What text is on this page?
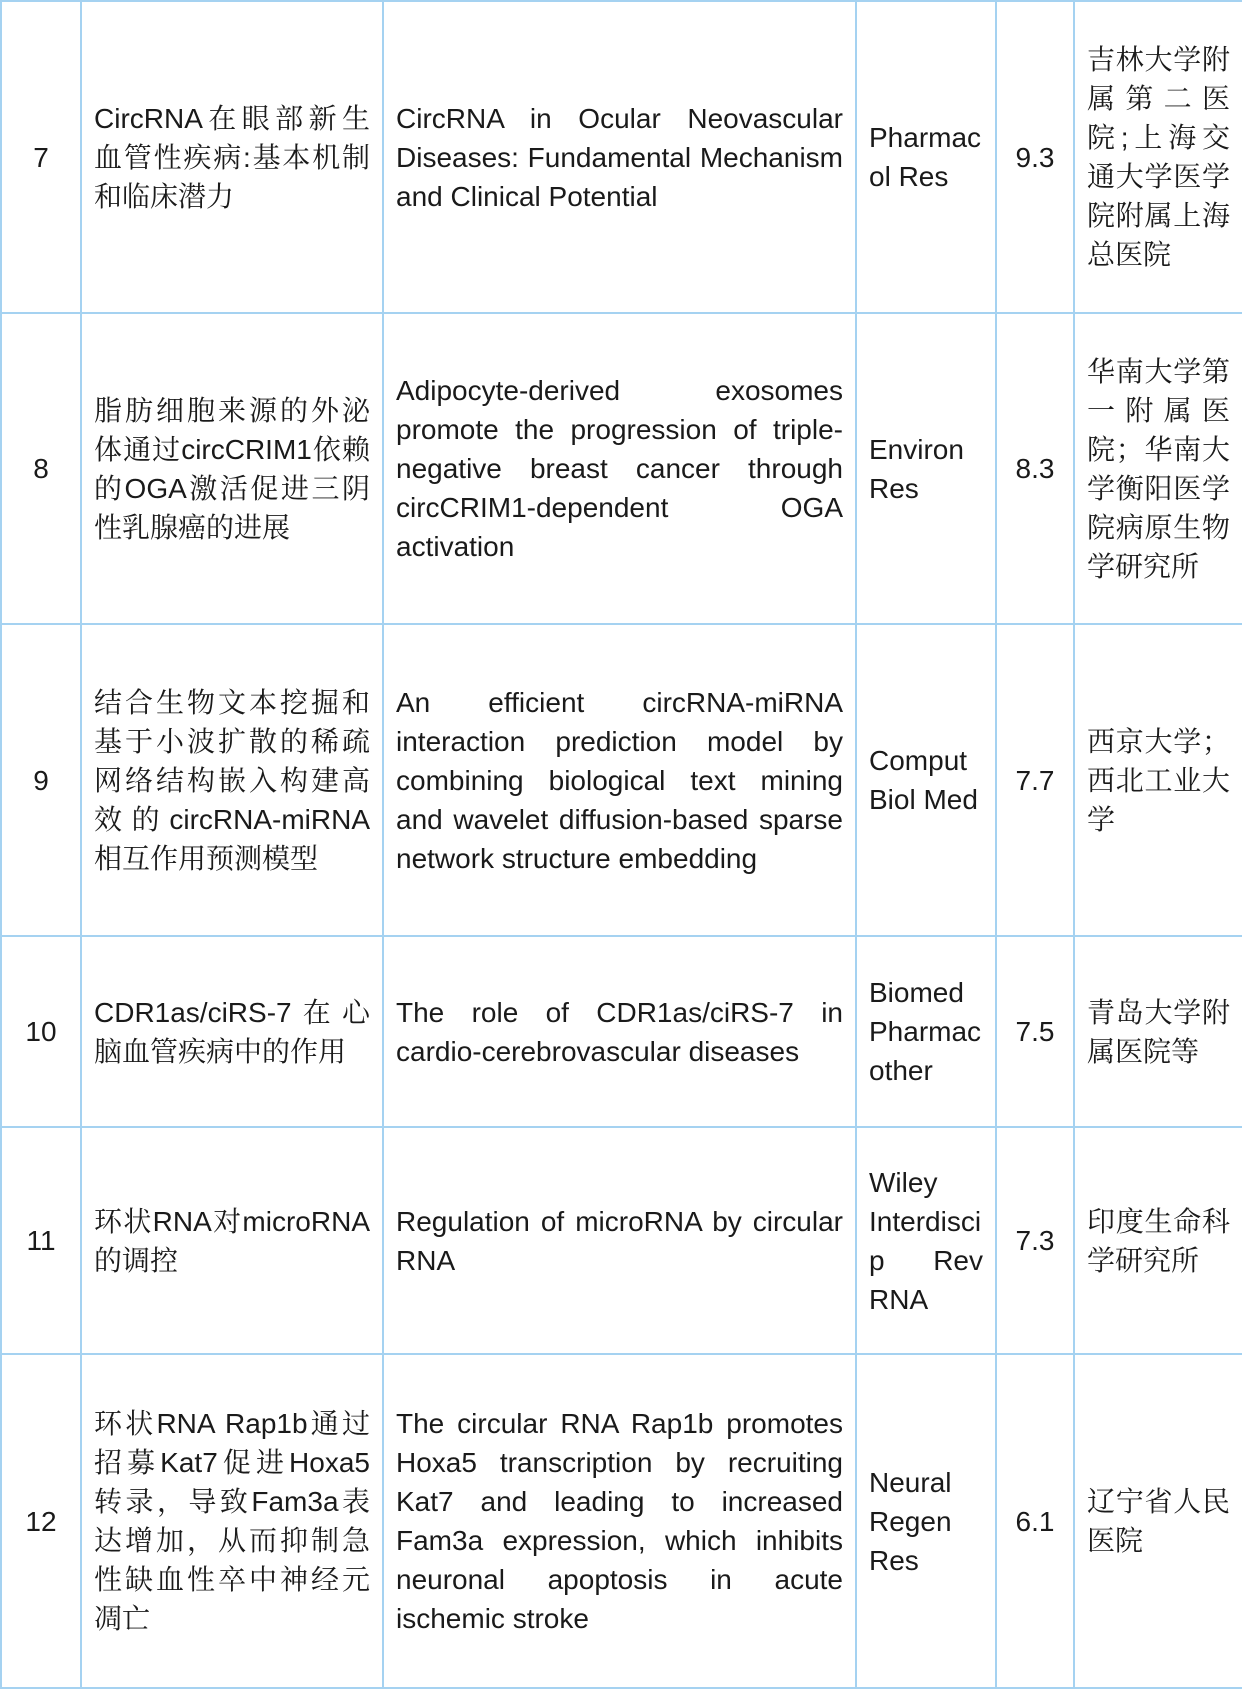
7	CircRNA在眼部新生血管性疾病:基本机制和临床潜力	CircRNA in Ocular Neovascular Diseases: Fundamental Mechanism and Clinical Potential	Pharmacol Res	9.3	吉林大学附属第二医院;上海交通大学医学院附属上海总医院
8	脂肪细胞来源的外泌体通过circCRIM1依赖的OGA激活促进三阴性乳腺癌的进展	Adipocyte-derived exosomes promote the progression of triple-negative breast cancer through circCRIM1-dependent OGA activation	Environ Res	8.3	华南大学第一附属医院；华南大学衡阳医学院病原生物学研究所
9	结合生物文本挖掘和基于小波扩散的稀疏网络结构嵌入构建高效的circRNA-miRNA相互作用预测模型	An efficient circRNA-miRNA interaction prediction model by combining biological text mining and wavelet diffusion-based sparse network structure embedding	Comput Biol Med	7.7	西京大学；西北工业大学
10	CDR1as/ciRS-7在心脑血管疾病中的作用	The role of CDR1as/ciRS-7 in cardio-cerebrovascular diseases	Biomed Pharmacother	7.5	青岛大学附属医院等
11	环状RNA对microRNA的调控	Regulation of microRNA by circular RNA	Wiley Interdiscip Rev RNA	7.3	印度生命科学研究所
12	环状RNA Rap1b通过招募Kat7促进Hoxa5转录，导致Fam3a表达增加，从而抑制急性缺血性卒中神经元凋亡	The circular RNA Rap1b promotes Hoxa5 transcription by recruiting Kat7 and leading to increased Fam3a expression, which inhibits neuronal apoptosis in acute ischemic stroke	Neural Regen Res	6.1	辽宁省人民医院
